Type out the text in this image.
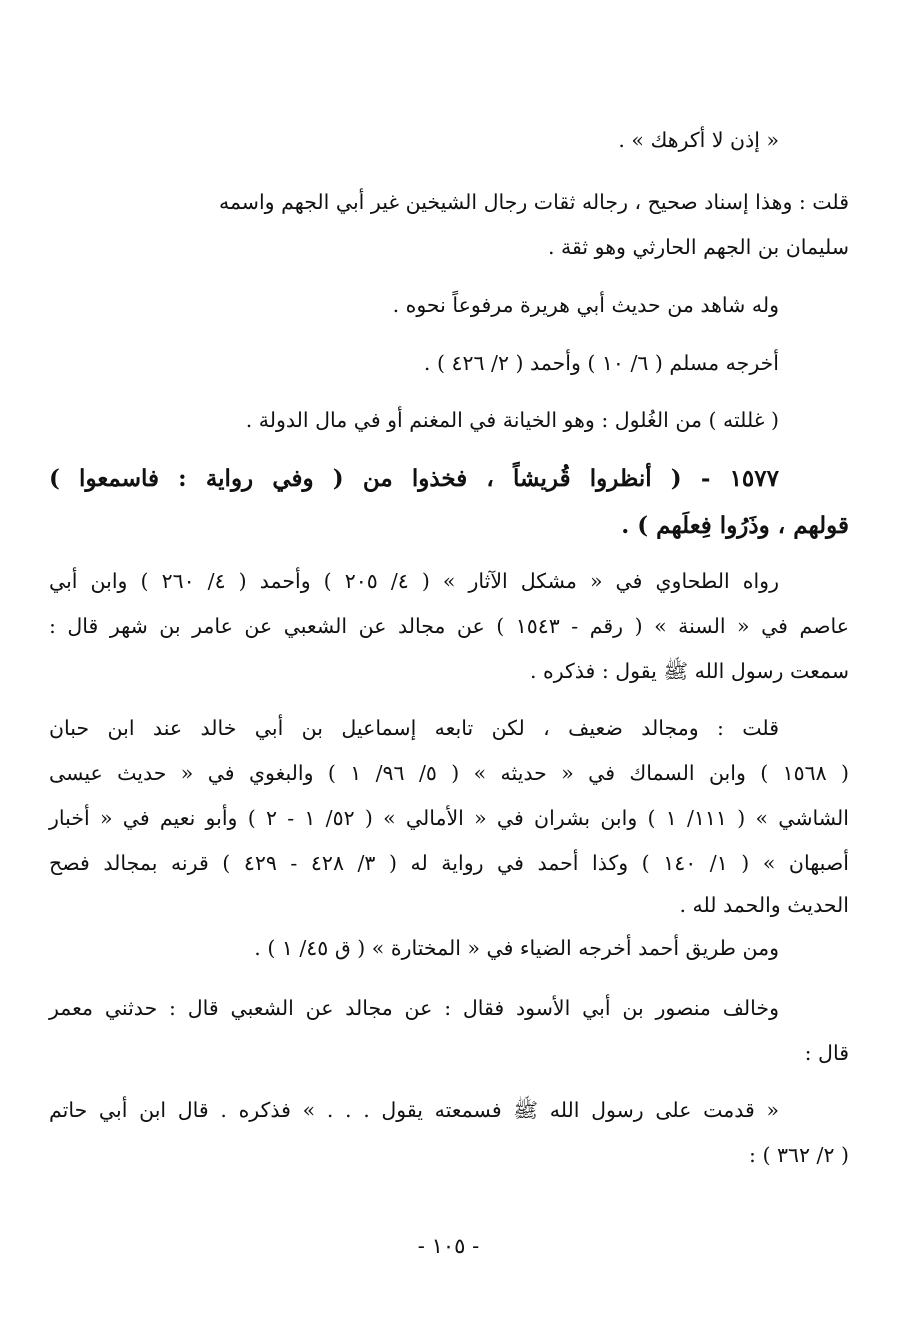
« إذن لا أكرهك » .
قلت : وهذا إسناد صحيح ، رجاله ثقات رجال الشيخين غير أبي الجهم واسمه
سليمان بن الجهم الحارثي وهو ثقة .
وله شاهد من حديث أبي هريرة مرفوعاً نحوه .
أخرجه مسلم ( ٦/ ١٠ ) وأحمد ( ٢/ ٤٢٦ ) .
( غللته ) من الغُلول : وهو الخيانة في المغنم أو في مال الدولة .
١٥٧٧ - ( أنظروا قُريشاً ، فخذوا من ( وفي رواية : فاسمعوا )
قولهم ، وذَرُوا فِعلَهم ) .
رواه الطحاوي في « مشكل الآثار » ( ٤/ ٢٠٥ ) وأحمد ( ٤/ ٢٦٠ ) وابن أبي
عاصم في « السنة » ( رقم - ١٥٤٣ ) عن مجالد عن الشعبي عن عامر بن شهر قال :
سمعت رسول الله ﷺ يقول : فذكره .
قلت : ومجالد ضعيف ، لكن تابعه إسماعيل بن أبي خالد عند ابن حبان
( ١٥٦٨ ) وابن السماك في « حديثه » ( ٥/ ٩٦/ ١ ) والبغوي في « حديث عيسى
الشاشي » ( ١١١/ ١ ) وابن بشران في « الأمالي » ( ٥٢/ ١ - ٢ ) وأبو نعيم في « أخبار
أصبهان » ( ١/ ١٤٠ ) وكذا أحمد في رواية له ( ٣/ ٤٢٨ - ٤٢٩ ) قرنه بمجالد فصح
الحديث والحمد لله .
ومن طريق أحمد أخرجه الضياء في « المختارة » ( ق ٤٥/ ١ ) .
وخالف منصور بن أبي الأسود فقال : عن مجالد عن الشعبي قال : حدثني معمر
قال :
« قدمت على رسول الله ﷺ فسمعته يقول . . . » فذكره . قال ابن أبي حاتم
( ٢/ ٣٦٢ ) :
- ١٠٥ -
